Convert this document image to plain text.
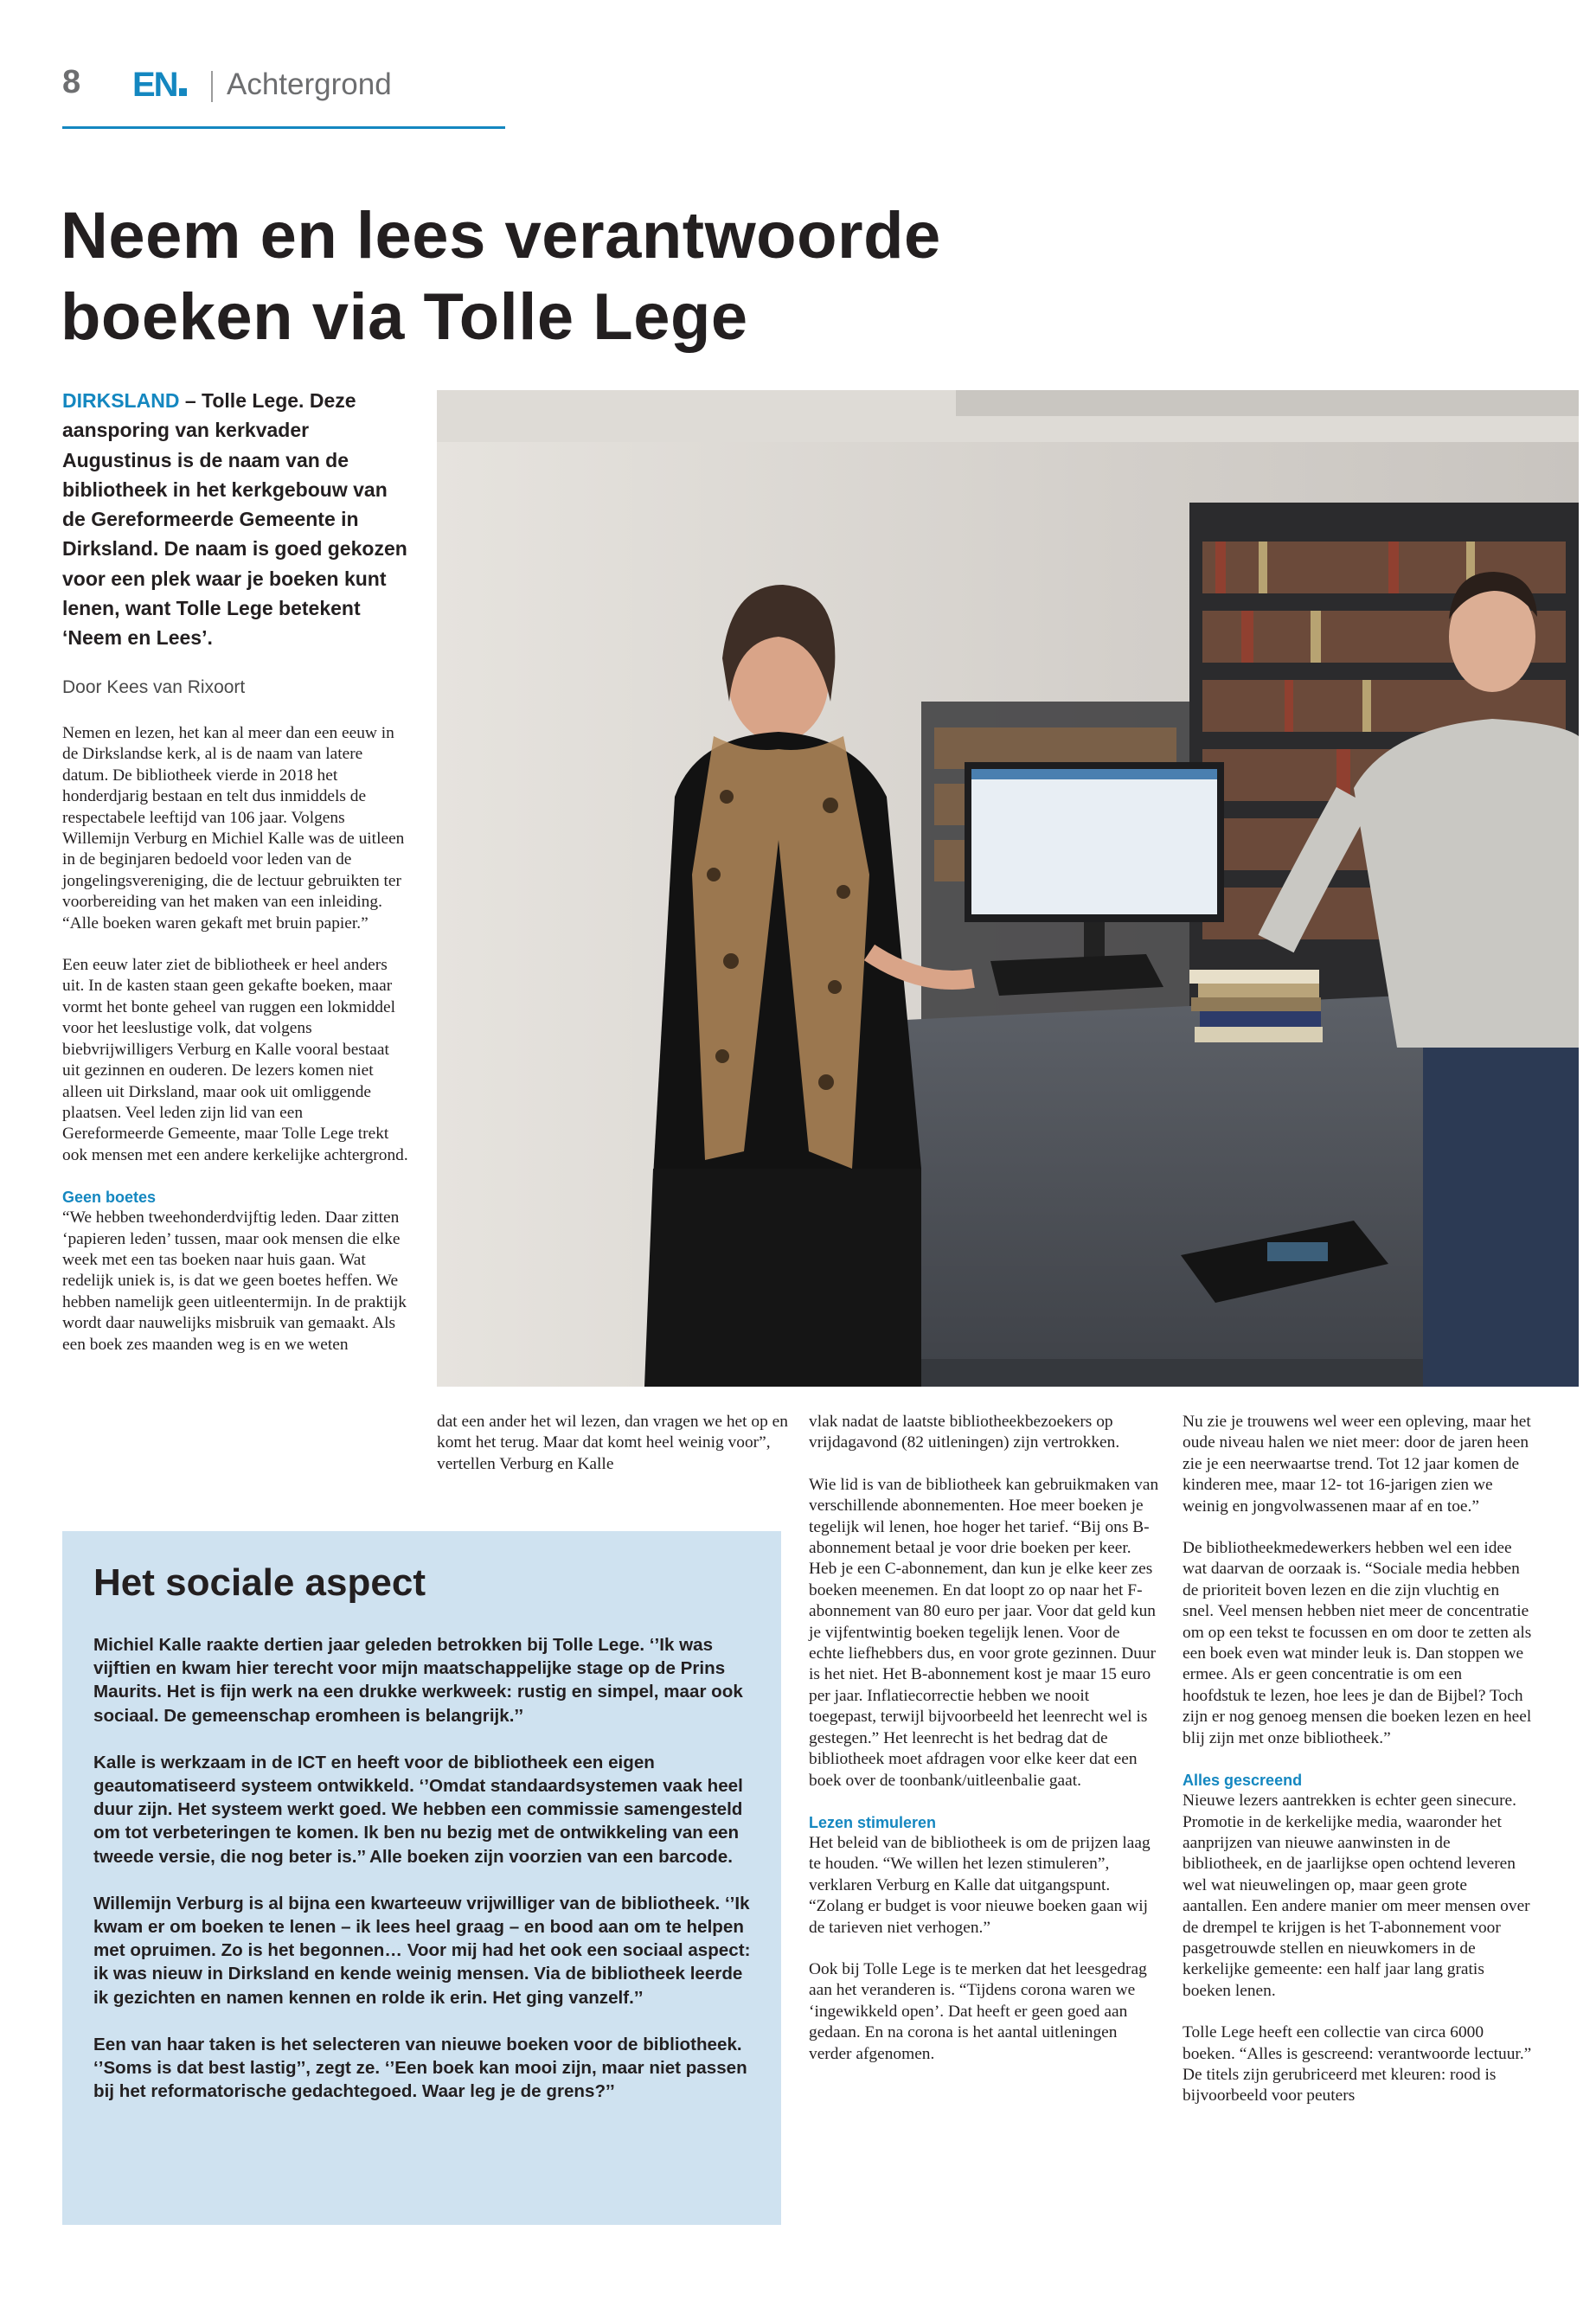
8 EN	Achtergrond
Neem en lees verantwoorde boeken via Tolle Lege
DIRKSLAND – Tolle Lege. Deze aansporing van kerkvader Augustinus is de naam van de bibliotheek in het kerkgebouw van de Gereformeerde Gemeente in Dirksland. De naam is goed gekozen voor een plek waar je boeken kunt lenen, want Tolle Lege betekent ‘Neem en Lees’.
Door Kees van Rixoort

Nemen en lezen, het kan al meer dan een eeuw in de Dirkslandse kerk, al is de naam van latere datum. De bibliotheek vierde in 2018 het honderdjarig bestaan en telt dus inmiddels de respectabele leeftijd van 106 jaar. Volgens Willemijn Verburg en Michiel Kalle was de uitleen in de beginjaren bedoeld voor leden van de jongelingsvereniging, die de lectuur gebruikten ter voorbereiding van het maken van een inleiding. “Alle boeken waren gekaft met bruin papier.”

Een eeuw later ziet de bibliotheek er heel anders uit. In de kasten staan geen gekafte boeken, maar vormt het bonte geheel van ruggen een lokmiddel voor het leeslustige volk, dat volgens biebvrijwilligers Verburg en Kalle vooral bestaat uit gezinnen en ouderen. De lezers komen niet alleen uit Dirksland, maar ook uit omliggende plaatsen. Veel leden zijn lid van een Gereformeerde Gemeente, maar Tolle Lege trekt ook mensen met een andere kerkelijke achtergrond.

Geen boetes

“We hebben tweehonderdvijftig leden. Daar zitten ‘papieren leden’ tussen, maar ook mensen die elke week met een tas boeken naar huis gaan. Wat redelijk uniek is, is dat we geen boetes heffen. We hebben namelijk geen uitleentermijn. In de praktijk wordt daar nauwelijks misbruik van gemaakt. Als een boek zes maanden weg is en we weten

dat een ander het wil lezen, dan vragen we het op en komt het terug. Maar dat komt heel weinig voor”, vertellen Verburg en Kalle

vlak nadat de laatste bibliotheekbezoekers op vrijdagavond (82 uitleningen) zijn vertrokken.

Wie lid is van de bibliotheek kan gebruikmaken van verschillende abonnementen. Hoe meer boeken je tegelijk wil lenen, hoe hoger het tarief. “Bij ons B-abonnement betaal je voor drie boeken per keer. Heb je een C-abonnement, dan kun je elke keer zes boeken meenemen. En dat loopt zo op naar het F-abonnement van 80 euro per jaar. Voor dat geld kun je vijfentwintig boeken tegelijk lenen. Voor de echte liefhebbers dus, en voor grote gezinnen. Duur is het niet. Het B-abonnement kost je maar 15 euro per jaar. Inflatiecorrectie hebben we nooit toegepast, terwijl bijvoorbeeld het leenrecht wel is gestegen.” Het leenrecht is het bedrag dat de bibliotheek moet afdragen voor elke keer dat een boek over de toonbank/uitleenbalie gaat.

Lezen stimuleren

Het beleid van de bibliotheek is om de prijzen laag te houden. “We willen het lezen stimuleren”, verklaren Verburg en Kalle dat uitgangspunt. “Zolang er budget is voor nieuwe boeken gaan wij de tarieven niet verhogen.”

Ook bij Tolle Lege is te merken dat het leesgedrag aan het veranderen is. “Tijdens corona waren we ‘ingewikkeld open’. Dat heeft er geen goed aan gedaan. En na corona is het aantal uitleningen verder afgenomen.

Nu zie je trouwens wel weer een opleving, maar het oude niveau halen we niet meer: door de jaren heen zie je een neerwaartse trend. Tot 12 jaar komen de kinderen mee, maar 12- tot 16-jarigen zien we weinig en jongvolwassenen maar af en toe.”

De bibliotheekmedewerkers hebben wel een idee wat daarvan de oorzaak is. “Sociale media hebben de prioriteit boven lezen en die zijn vluchtig en snel. Veel mensen hebben niet meer de concentratie om op een tekst te focussen en om door te zetten als een boek even wat minder leuk is. Dan stoppen we ermee. Als er geen concentratie is om een hoofdstuk te lezen, hoe lees je dan de Bijbel? Toch zijn er nog genoeg mensen die boeken lezen en heel blij zijn met onze bibliotheek.”

Alles gescreend

Nieuwe lezers aantrekken is echter geen sinecure. Promotie in de kerkelijke media, waaronder het aanprijzen van nieuwe aanwinsten in de bibliotheek, en de jaarlijkse open ochtend leveren wel wat nieuwelingen op, maar geen grote aantallen. Een andere manier om meer mensen over de drempel te krijgen is het T-abonnement voor pasgetrouwde stellen en nieuwkomers in de kerkelijke gemeente: een half jaar lang gratis boeken lenen.

Tolle Lege heeft een collectie van circa 6000 boeken. “Alles is gescreend: verantwoorde lectuur.” De titels zijn gerubriceerd met kleuren: rood is bijvoorbeeld voor peuters

Het sociale aspect

Michiel Kalle raakte dertien jaar geleden betrokken bij Tolle Lege. ‘’Ik was vijftien en kwam hier terecht voor mijn maatschappelijke stage op de Prins Maurits. Het is fijn werk na een drukke werkweek: rustig en simpel, maar ook sociaal. De gemeenschap eromheen is belangrijk.’’

Kalle is werkzaam in de ICT en heeft voor de bibliotheek een eigen geautomatiseerd systeem ontwikkeld. ‘’Omdat standaardsystemen vaak heel duur zijn. Het systeem werkt goed. We hebben een commissie samengesteld om tot verbeteringen te komen. Ik ben nu bezig met de ontwikkeling van een tweede versie, die nog beter is.’’ Alle boeken zijn voorzien van een barcode.

Willemijn Verburg is al bijna een kwarteeuw vrijwilliger van de bibliotheek. ‘’Ik kwam er om boeken te lenen – ik lees heel graag – en bood aan om te helpen met opruimen. Zo is het begonnen… Voor mij had het ook een sociaal aspect: ik was nieuw in Dirksland en kende weinig mensen. Via de bibliotheek leerde ik gezichten en namen kennen en rolde ik erin. Het ging vanzelf.’’

Een van haar taken is het selecteren van nieuwe boeken voor de bibliotheek. ‘’Soms is dat best lastig’’, zegt ze. ‘’Een boek kan mooi zijn, maar niet passen bij het reformatorische gedachtegoed. Waar leg je de grens?’’
